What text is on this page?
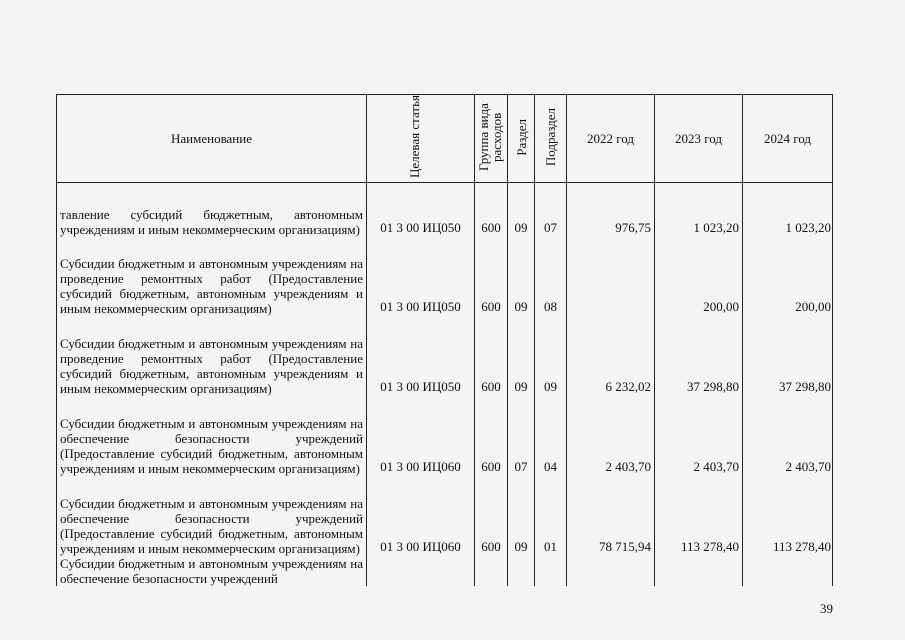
Наименование	Целевая статья	Группа вида расходов	Раздел	Подраздел	2022 год	2023 год	2024 год
тавление субсидий бюджетным, автономным учреждениям и иным некоммерческим организациям)	01 3 00 ИЦ050	600	09	07	976,75	1 023,20	1 023,20
Субсидии бюджетным и автономным учреждениям на проведение ремонтных работ (Предоставление субсидий бюджетным, автономным учреждениям и иным некоммерческим организациям)	01 3 00 ИЦ050	600	09	08		200,00	200,00
Субсидии бюджетным и автономным учреждениям на проведение ремонтных работ (Предоставление субсидий бюджетным, автономным учреждениям и иным некоммерческим организациям)	01 3 00 ИЦ050	600	09	09	6 232,02	37 298,80	37 298,80
Субсидии бюджетным и автономным учреждениям на обеспечение безопасности учреждений (Предоставление субсидий бюджетным, автономным учреждениям и иным некоммерческим организациям)	01 3 00 ИЦ060	600	07	04	2 403,70	2 403,70	2 403,70
Субсидии бюджетным и автономным учреждениям на обеспечение безопасности учреждений (Предоставление субсидий бюджетным, автономным учреждениям и иным некоммерческим организациям)	01 3 00 ИЦ060	600	09	01	78 715,94	113 278,40	113 278,40
Субсидии бюджетным и автономным учреждениям на обеспечение безопасности учреждений							
39
